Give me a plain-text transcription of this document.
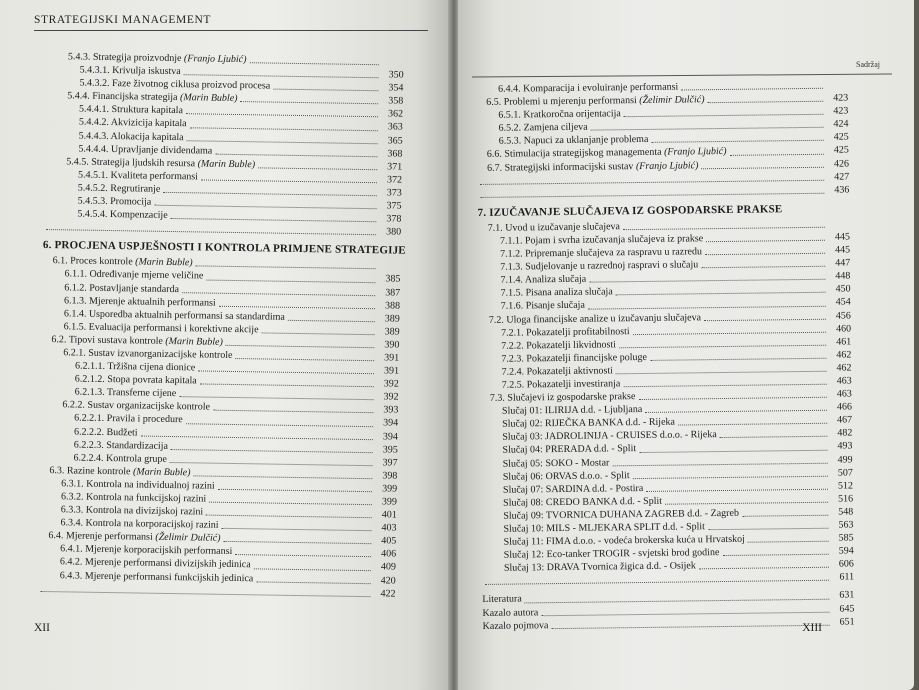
STRATEGIJSKI MANAGEMENT
5.4.3. Strategija proizvodnje (Franjo Ljubić)
5.4.3.1. Krivulja iskustva	350
5.4.3.2. Faze životnog ciklusa proizvod procesa	354
5.4.4. Financijska strategija (Marin Buble)	358
5.4.4.1. Struktura kapitala	362
5.4.4.2. Akvizicija kapitala	363
5.4.4.3. Alokacija kapitala	365
5.4.4.4. Upravljanje dividendama	368
5.4.5. Strategija ljudskih resursa (Marin Buble)	371
5.4.5.1. Kvaliteta performansi	372
5.4.5.2. Regrutiranje	373
5.4.5.3. Promocija	375
5.4.5.4. Kompenzacije	378
380
6. PROCJENA USPJEŠNOSTI I KONTROLA PRIMJENE STRATEGIJE
6.1. Proces kontrole (Marin Buble)
6.1.1. Određivanje mjerne veličine	385
6.1.2. Postavljanje standarda	387
6.1.3. Mjerenje aktualnih performansi	388
6.1.4. Usporedba aktualnih performansi sa standardima	389
6.1.5. Evaluacija performansi i korektivne akcije	389
6.2. Tipovi sustava kontrole (Marin Buble)	390
6.2.1. Sustav izvanorganizacijske kontrole	391
6.2.1.1. Tržišna cijena dionice	391
6.2.1.2. Stopa povrata kapitala	392
6.2.1.3. Transferne cijene	392
6.2.2. Sustav organizacijske kontrole	393
6.2.2.1. Pravila i procedure	394
6.2.2.2. Budžeti	394
6.2.2.3. Standardizacija	395
6.2.2.4. Kontrola grupe	397
6.3. Razine kontrole (Marin Buble)	398
6.3.1. Kontrola na individualnoj razini	399
6.3.2. Kontrola na funkcijskoj razini	399
6.3.3. Kontrola na divizijskoj razini	401
6.3.4. Kontrola na korporacijskoj razini	403
6.4. Mjerenje performansi (Želimir Dulčić)	405
6.4.1. Mjerenje korporacijskih performansi	406
6.4.2. Mjerenje performansi divizijskih jedinica	409
6.4.3. Mjerenje performansi funkcijskih jedinica	420
422
XII
Sadržaj
6.4.4. Komparacija i evoluiranje performansi
6.5. Problemi u mjerenju performansi (Želimir Dulčić)	423
6.5.1. Kratkoročna orijentacija	423
6.5.2. Zamjena ciljeva	424
6.5.3. Napuci za uklanjanje problema	425
6.6. Stimulacija strategijskog managementa (Franjo Ljubić)	425
6.7. Strategijski informacijski sustav (Franjo Ljubić)	426
427
436
7. IZUČAVANJE SLUČAJEVA IZ GOSPODARSKE PRAKSE
7.1. Uvod u izučavanje slučajeva
7.1.1. Pojam i svrha izučavanja slučajeva iz prakse	445
7.1.2. Pripremanje slučajeva za raspravu u razredu	445
7.1.3. Sudjelovanje u razrednoj raspravi o slučaju	447
7.1.4. Analiza slučaja	448
7.1.5. Pisana analiza slučaja	450
7.1.6. Pisanje slučaja	454
7.2. Uloga financijske analize u izučavanju slučajeva	456
7.2.1. Pokazatelji profitabilnosti	460
7.2.2. Pokazatelji likvidnosti	461
7.2.3. Pokazatelji financijske poluge	462
7.2.4. Pokazatelji aktivnosti	462
7.2.5. Pokazatelji investiranja	463
7.3. Slučajevi iz gospodarske prakse	463
Slučaj 01: ILIRIJA d.d. - Ljubljana	466
Slučaj 02: RIJEČKA BANKA d.d. - Rijeka	467
Slučaj 03: JADROLINIJA - CRUISES d.o.o. - Rijeka	482
Slučaj 04: PRERADA d.d. - Split	493
Slučaj 05: SOKO - Mostar	499
Slučaj 06: ORVAS d.o.o. - Split	507
Slučaj 07: SARDINA d.d. - Postira	512
Slučaj 08: CREDO BANKA d.d. - Split	516
Slučaj 09: TVORNICA DUHANA ZAGREB d.d. - Zagreb	548
Slučaj 10: MILS - MLJEKARA SPLIT d.d. - Split	563
Slučaj 11: FIMA d.o.o. - vodeća brokerska kuća u Hrvatskoj	585
Slučaj 12: Eco-tanker TROGIR - svjetski brod godine	594
Slučaj 13: DRAVA Tvornica žigica d.d. - Osijek	606
611
Literatura	631
Kazalo autora	645
Kazalo pojmova	651
XIII
